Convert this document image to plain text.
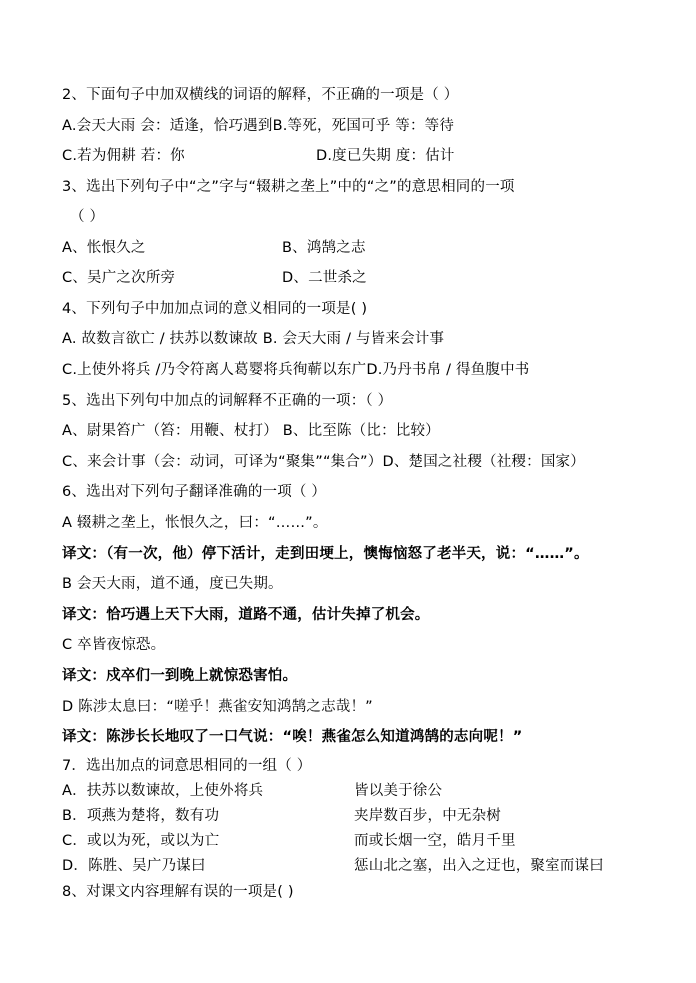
2、下面句子中加双横线的词语的解释，不正确的一项是（ ）
A.会天大雨 会：适逢，恰巧遇到B.等死，死国可乎 等：等待
C.若为佣耕 若：你	D.度已失期 度：估计
3、选出下列句子中“之”字与“辍耕之垄上”中的“之”的意思相同的一项
（ ）
A、怅恨久之	B、鸿鹄之志
C、吴广之次所旁	D、二世杀之
4、下列句子中加加点词的意义相同的一项是( )
A. 故数言欲亡 / 扶苏以数谏故 B. 会天大雨 / 与皆来会计事
C.上使外将兵 /乃令符离人葛婴将兵徇蕲以东广D.乃丹书帛 / 得鱼腹中书
5、选出下列句中加点的词解释不正确的一项：（ ）
A、尉果笞广（笞：用鞭、杖打） B、比至陈（比：比较）
C、来会计事（会：动词，可译为“聚集”“集合”）D、楚国之社稷（社稷：国家）
6、选出对下列句子翻译准确的一项（ ）
A 辍耕之垄上，怅恨久之，曰：“……”。
译文：（有一次，他）停下活计，走到田埂上，懊悔恼怒了老半天，说：“……”。
B 会天大雨，道不通，度已失期。
译文：恰巧遇上天下大雨，道路不通，估计失掉了机会。
C 卒皆夜惊恐。
译文：戍卒们一到晚上就惊恐害怕。
D 陈涉太息曰：“嗟乎！燕雀安知鸿鹄之志哉！”
译文：陈涉长长地叹了一口气说：“唉！燕雀怎么知道鸿鹄的志向呢！”
7．选出加点的词意思相同的一组（ ）
A．扶苏以数谏故，上使外将兵	皆以美于徐公
B．项燕为楚将，数有功	夹岸数百步，中无杂树
C．或以为死，或以为亡	而或长烟一空，皓月千里
D．陈胜、吴广乃谋曰	惩山北之塞，出入之迂也，聚室而谋曰
8、对课文内容理解有误的一项是( )
